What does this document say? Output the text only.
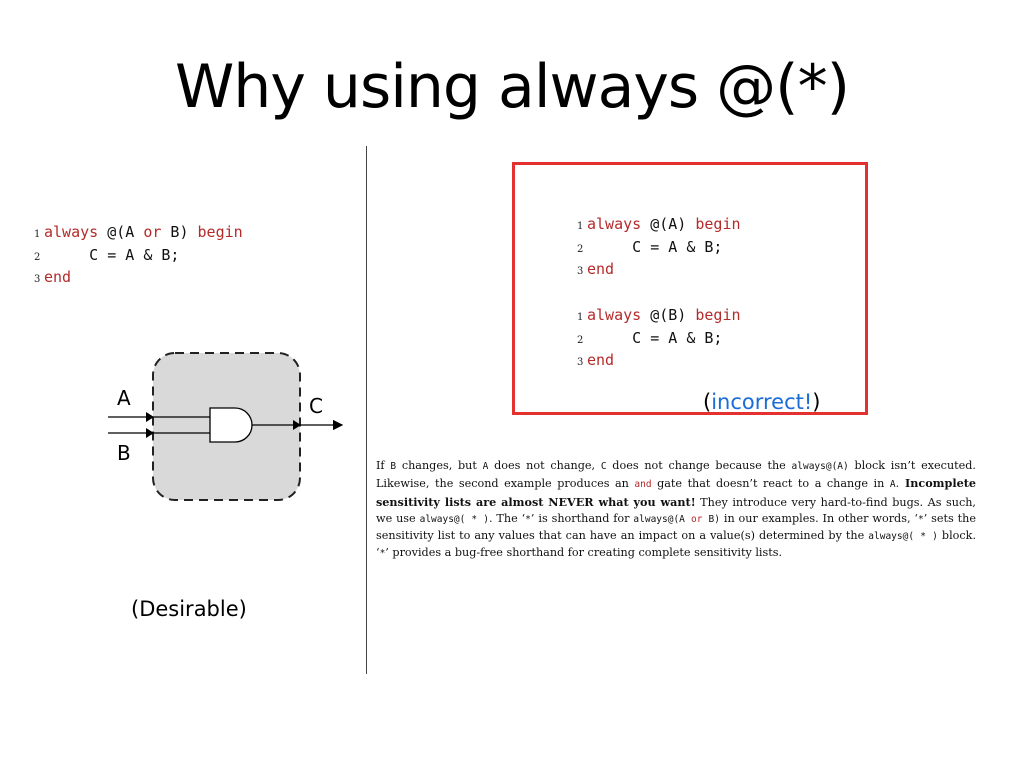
Why using always @(*)
1 always @(A or B) begin
2     C = A & B;
3 end
A
B
C
(Desirable)
1 always @(A) begin
2     C = A & B;
3 end
1 always @(B) begin
2     C = A & B;
3 end
(incorrect!)
If B changes, but A does not change, C does not change because the always@(A) block isn’t executed. Likewise, the second example produces an and gate that doesn’t react to a change in A. Incomplete sensitivity lists are almost NEVER what you want! They introduce very hard-to-find bugs. As such, we use always@( * ). The ‘*’ is shorthand for always@(A or B) in our examples. In other words, ‘*’ sets the sensitivity list to any values that can have an impact on a value(s) determined by the always@( * ) block. ‘*’ provides a bug-free shorthand for creating complete sensitivity lists.
